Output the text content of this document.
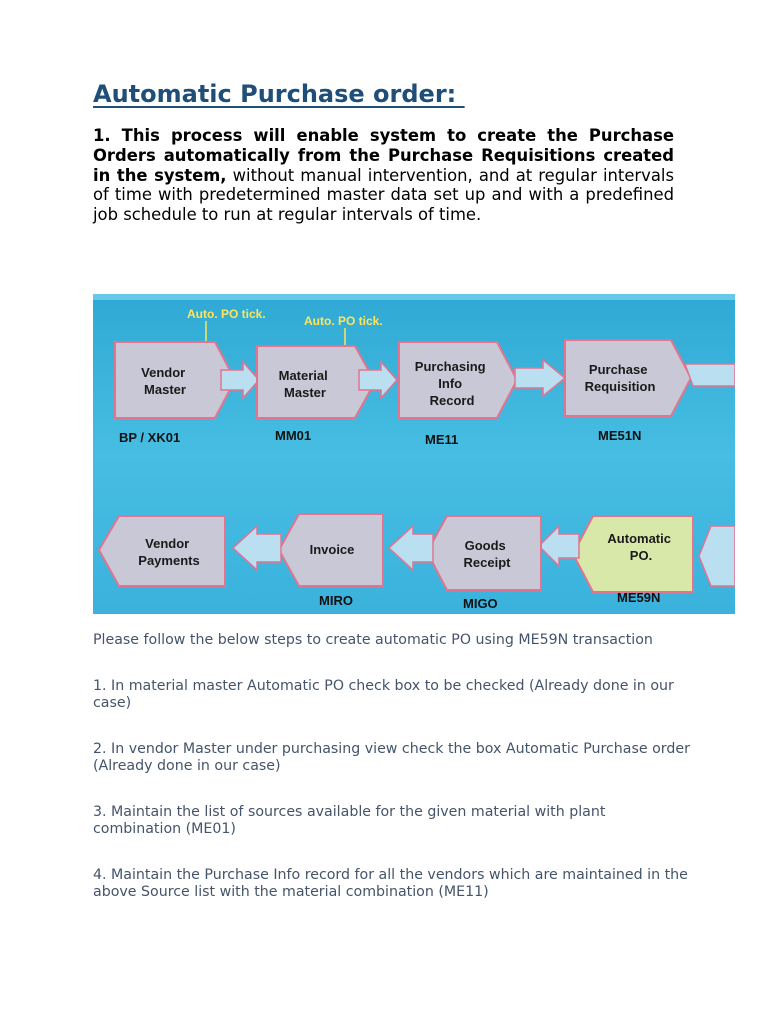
Automatic Purchase order:

1. This process will enable system to create the Purchase Orders automatically from the Purchase Requisitions created in the system, without manual intervention, and at regular intervals of time with predetermined master data set up and with a predefined job schedule to run at regular intervals of time.

Auto. PO tick.	Auto. PO tick.
Vendor Master
BP / XK01
Material Master
MM01
Purchasing Info Record
ME11
Purchase Requisition
ME51N
Automatic PO.
ME59N
Goods Receipt
MIGO
Invoice
MIRO
Vendor Payments

Please follow the below steps to create automatic PO using ME59N transaction

1. In material master Automatic PO check box to be checked (Already done in our case)

2. In vendor Master under purchasing view check the box Automatic Purchase order (Already done in our case)

3. Maintain the list of sources available for the given material with plant combination (ME01)

4. Maintain the Purchase Info record for all the vendors which are maintained in the above Source list with the material combination (ME11)
